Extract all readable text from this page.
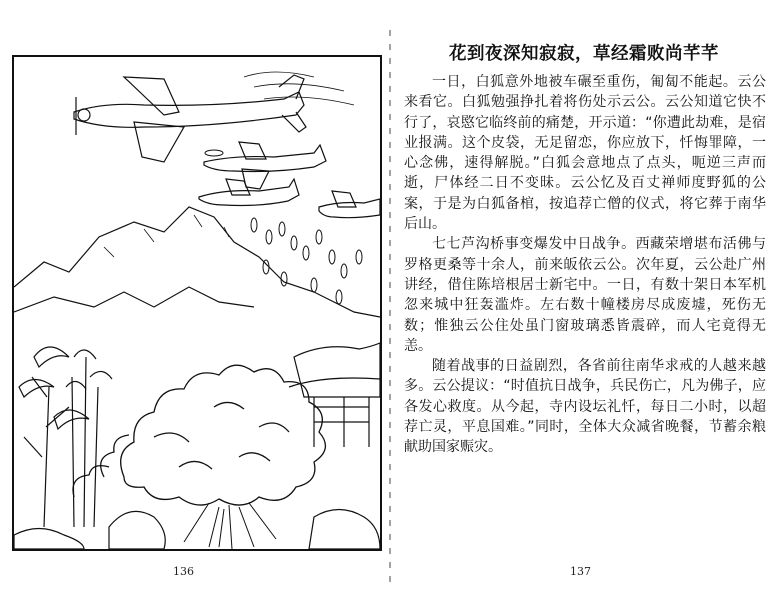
136
花到夜深知寂寂，草经霜败尚芊芊

一日，白狐意外地被车碾至重伤，匍匐不能起。云公来看它。白狐勉强挣扎着将伤处示云公。云公知道它快不行了，哀愍它临终前的痛楚，开示道：“你遭此劫难，是宿业报满。这个皮袋，无足留恋，你应放下，忏悔罪障，一心念佛，速得解脱。”白狐会意地点了点头，呃逆三声而逝，尸体经二日不变昧。云公忆及百丈禅师度野狐的公案，于是为白狐备棺，按追荐亡僧的仪式，将它葬于南华后山。

七七芦沟桥事变爆发中日战争。西藏荣增堪布活佛与罗格更桑等十余人，前来皈依云公。次年夏，云公赴广州讲经，借住陈培根居士新宅中。一日，有数十架日本军机忽来城中狂轰滥炸。左右数十幢楼房尽成废墟，死伤无数；惟独云公住处虽门窗玻璃悉皆震碎，而人宅竟得无恙。

随着战事的日益剧烈，各省前往南华求戒的人越来越多。云公提议：“时值抗日战争，兵民伤亡，凡为佛子，应各发心救度。从今起，寺内设坛礼忏，每日二小时，以超荐亡灵，平息国难。”同时，全体大众减省晚餐，节蓄余粮献助国家赈灾。

137
